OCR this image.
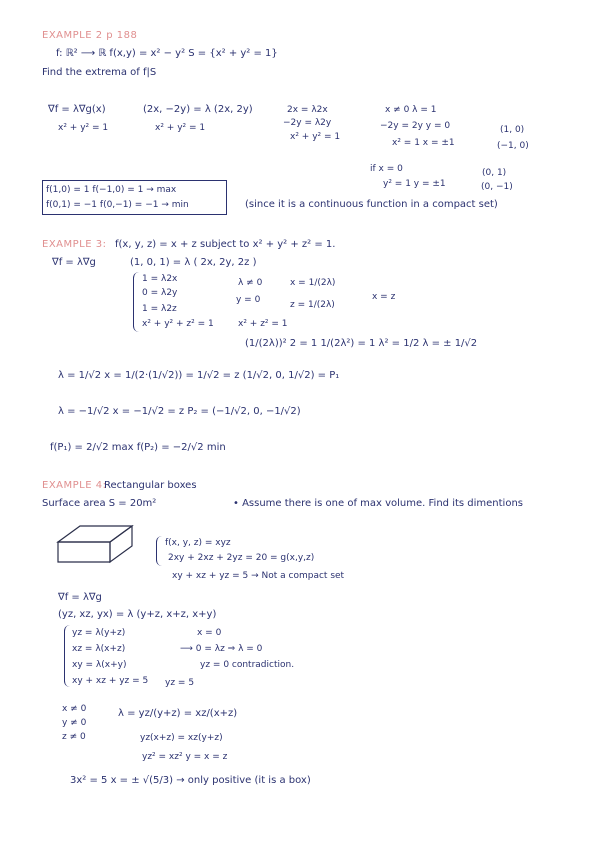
EXAMPLE 2 p 188
f: ℝ² ⟶ ℝ f(x,y) = x² − y² S = {x² + y² = 1}
Find the extrema of f|S
∇f = λ∇g(x)
x² + y² = 1
(2x, −2y) = λ (2x, 2y)
x² + y² = 1
2x = λ2x
−2y = λ2y
x² + y² = 1
x ≠ 0 λ = 1
−2y = 2y y = 0
x² = 1 x = ±1
(1, 0)
(−1, 0)
if x = 0
y² = 1 y = ±1
(0, 1)
(0, −1)
f(1,0) = 1 f(−1,0) = 1 → max
f(0,1) = −1 f(0,−1) = −1 → min	(since it is a continuous function in a compact set)
EXAMPLE 3: f(x, y, z) = x + z subject to x² + y² + z² = 1.
∇f = λ∇g	(1, 0, 1) = λ ( 2x, 2y, 2z )
1 = λ2x
0 = λ2y
1 = λ2z
x² + y² + z² = 1
λ ≠ 0
y = 0
x = 1/(2λ)
z = 1/(2λ)
x = z
x² + z² = 1
(1/(2λ))² 2 = 1 1/(2λ²) = 1 λ² = 1/2 λ = ± 1/√2
λ = 1/√2 x = 1/(2·(1/√2)) = 1/√2 = z (1/√2, 0, 1/√2) = P₁
λ = −1/√2 x = −1/√2 = z P₂ = (−1/√2, 0, −1/√2)
f(P₁) = 2/√2 max f(P₂) = −2/√2 min
EXAMPLE 4:
Rectangular boxes
Surface area S = 20m²	• Assume there is one of max volume. Find its dimentions
f(x, y, z) = xyz
2xy + 2xz + 2yz = 20 = g(x,y,z)
xy + xz + yz = 5 → Not a compact set
∇f = λ∇g
(yz, xz, yx) = λ (y+z, x+z, x+y)
yz = λ(y+z)
xz = λ(x+z)
xy = λ(x+y)
xy + xz + yz = 5
x = 0
⟶ 0 = λz ⇒ λ = 0
yz = 0 contradiction.
yz = 5
x ≠ 0
y ≠ 0
z ≠ 0
λ = yz/(y+z) = xz/(x+z)
yz(x+z) = xz(y+z)
yz² = xz² y = x = z
3x² = 5 x = ± √(5/3) → only positive (it is a box)
